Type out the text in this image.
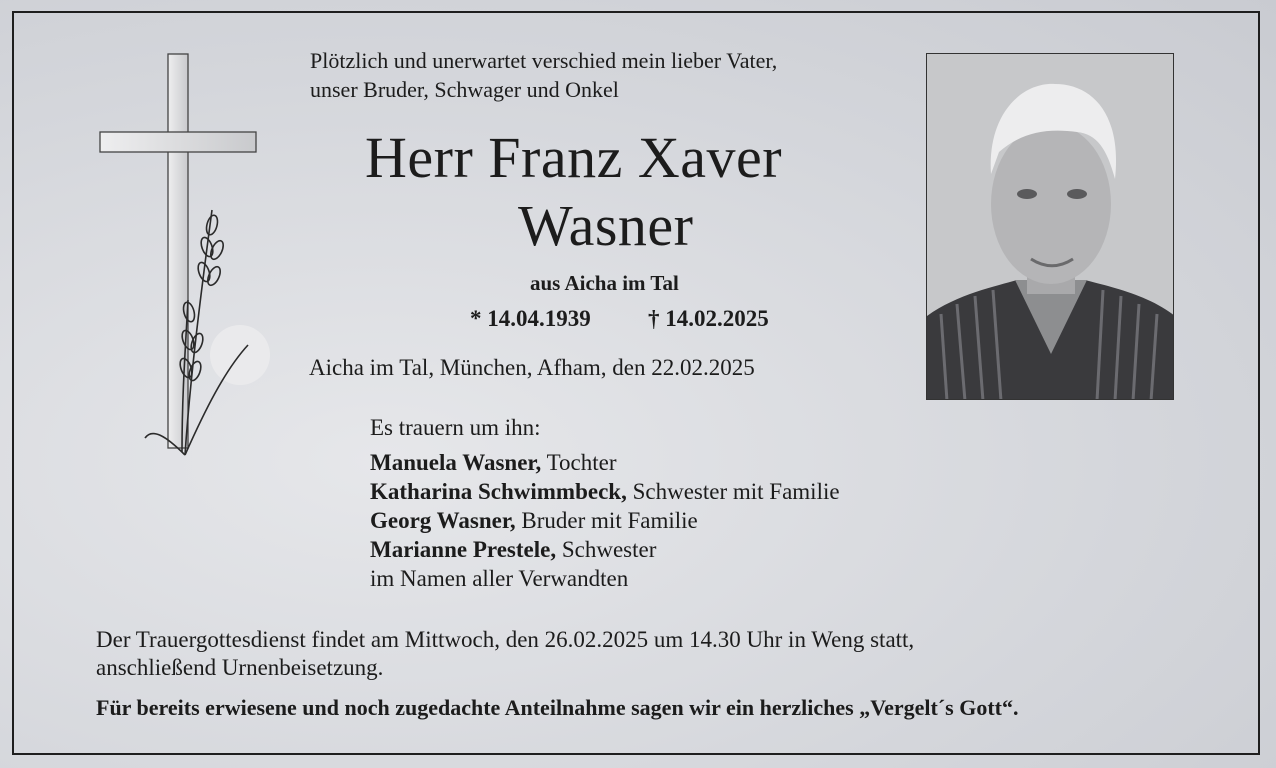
Plötzlich und unerwartet verschied mein lieber Vater,
unser Bruder, Schwager und Onkel
Herr Franz Xaver
Wasner
aus Aicha im Tal
* 14.04.1939 † 14.02.2025
Aicha im Tal, München, Afham, den 22.02.2025
Es trauern um ihn:
Manuela Wasner, Tochter
Katharina Schwimmbeck, Schwester mit Familie
Georg Wasner, Bruder mit Familie
Marianne Prestele, Schwester
im Namen aller Verwandten
Der Trauergottesdienst findet am Mittwoch, den 26.02.2025 um 14.30 Uhr in Weng statt,
anschließend Urnenbeisetzung.
Für bereits erwiesene und noch zugedachte Anteilnahme sagen wir ein herzliches „Vergelt´s Gott“.
